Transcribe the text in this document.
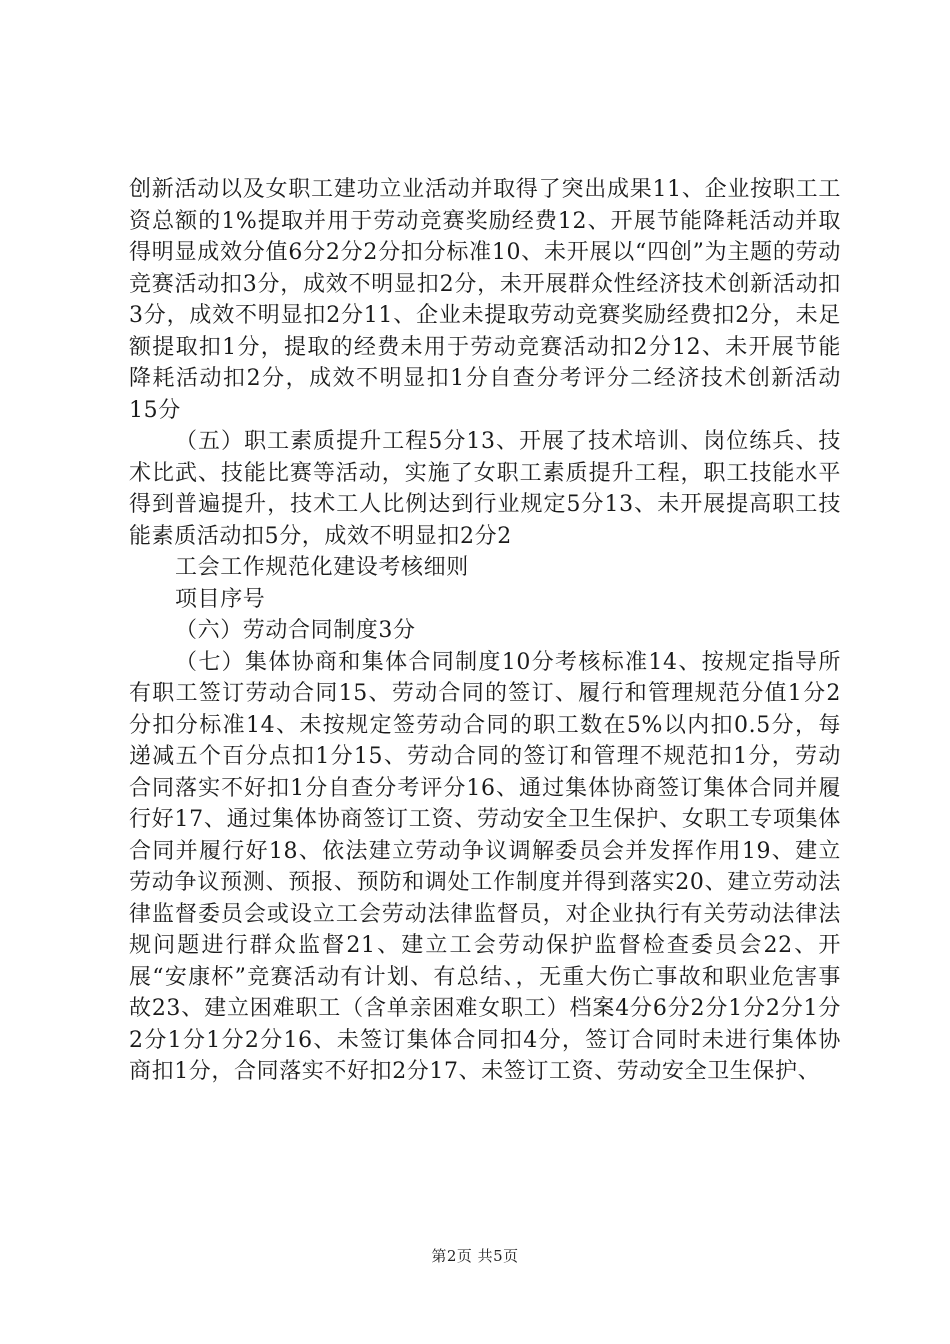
创新活动以及女职工建功立业活动并取得了突出成果11、企业按职工工资总额的1%提取并用于劳动竞赛奖励经费12、开展节能降耗活动并取得明显成效分值6分2分2分扣分标准10、未开展以“四创”为主题的劳动竞赛活动扣3分，成效不明显扣2分，未开展群众性经济技术创新活动扣3分，成效不明显扣2分11、企业未提取劳动竞赛奖励经费扣2分，未足额提取扣1分，提取的经费未用于劳动竞赛活动扣2分12、未开展节能降耗活动扣2分，成效不明显扣1分自查分考评分二经济技术创新活动15分

（五）职工素质提升工程5分13、开展了技术培训、岗位练兵、技术比武、技能比赛等活动，实施了女职工素质提升工程，职工技能水平得到普遍提升，技术工人比例达到行业规定5分13、未开展提高职工技能素质活动扣5分，成效不明显扣2分2

工会工作规范化建设考核细则

项目序号

（六）劳动合同制度3分

（七）集体协商和集体合同制度10分考核标准14、按规定指导所有职工签订劳动合同15、劳动合同的签订、履行和管理规范分值1分2分扣分标准14、未按规定签劳动合同的职工数在5%以内扣0.5分，每递减五个百分点扣1分15、劳动合同的签订和管理不规范扣1分，劳动合同落实不好扣1分自查分考评分16、通过集体协商签订集体合同并履行好17、通过集体协商签订工资、劳动安全卫生保护、女职工专项集体合同并履行好18、依法建立劳动争议调解委员会并发挥作用19、建立劳动争议预测、预报、预防和调处工作制度并得到落实20、建立劳动法律监督委员会或设立工会劳动法律监督员，对企业执行有关劳动法律法规问题进行群众监督21、建立工会劳动保护监督检查委员会22、开展“安康杯”竞赛活动有计划、有总结、，无重大伤亡事故和职业危害事故23、建立困难职工（含单亲困难女职工）档案4分6分2分1分2分1分2分1分1分2分16、未签订集体合同扣4分，签订合同时未进行集体协商扣1分，合同落实不好扣2分17、未签订工资、劳动安全卫生保护、

第2页 共5页
